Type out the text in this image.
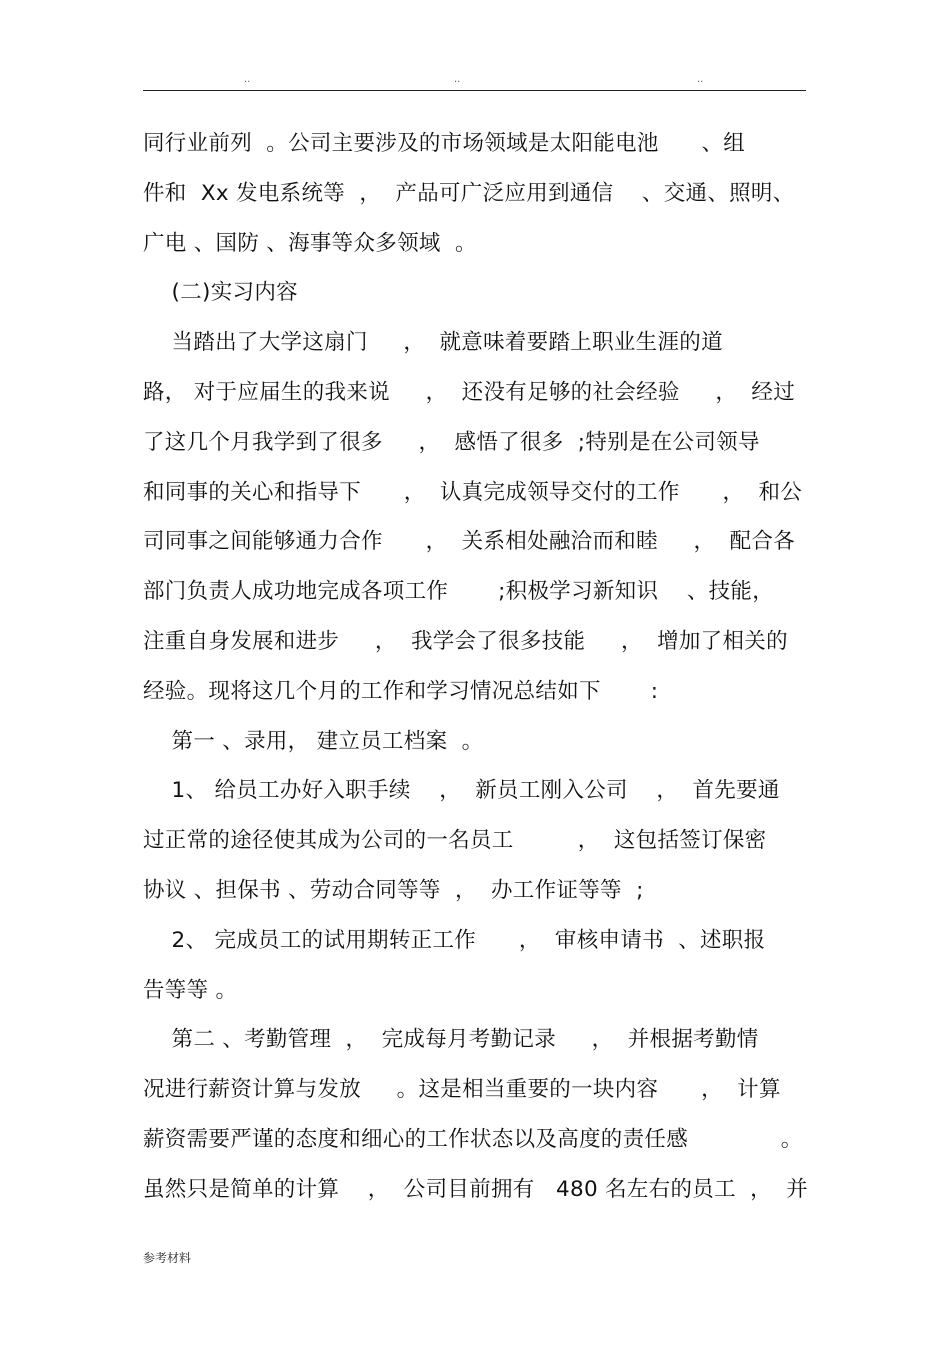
..	..	..
同行业前列  。公司主要涉及的市场领域是太阳能电池      、组
件和  Xx 发电系统等  ，  产品可广泛应用到通信    、交通、照明、
广电 、国防 、海事等众多领域  。
(二)实习内容
当踏出了大学这扇门     ，  就意味着要踏上职业生涯的道
路， 对于应届生的我来说     ，  还没有足够的社会经验     ，  经过
了这几个月我学到了很多     ，  感悟了很多  ;特别是在公司领导
和同事的关心和指导下      ，  认真完成领导交付的工作      ，  和公
司同事之间能够通力合作      ，  关系相处融洽而和睦     ，  配合各
部门负责人成功地完成各项工作       ;积极学习新知识    、技能，
注重自身发展和进步     ，  我学会了很多技能     ，  增加了相关的
经验。现将这几个月的工作和学习情况总结如下       :
第一 、录用， 建立员工档案  。
1、 给员工办好入职手续    ，  新员工刚入公司    ，  首先要通
过正常的途径使其成为公司的一名员工         ，  这包括签订保密
协议 、担保书 、劳动合同等等  ，  办工作证等等  ;
2、 完成员工的试用期转正工作      ，  审核申请书  、述职报
告等等 。
第二 、考勤管理  ，  完成每月考勤记录     ，  并根据考勤情
况进行薪资计算与发放     。这是相当重要的一块内容      ，  计算
薪资需要严谨的态度和细心的工作状态以及高度的责任感             。
虽然只是简单的计算    ，  公司目前拥有   480 名左右的员工  ，  并
参考材料
